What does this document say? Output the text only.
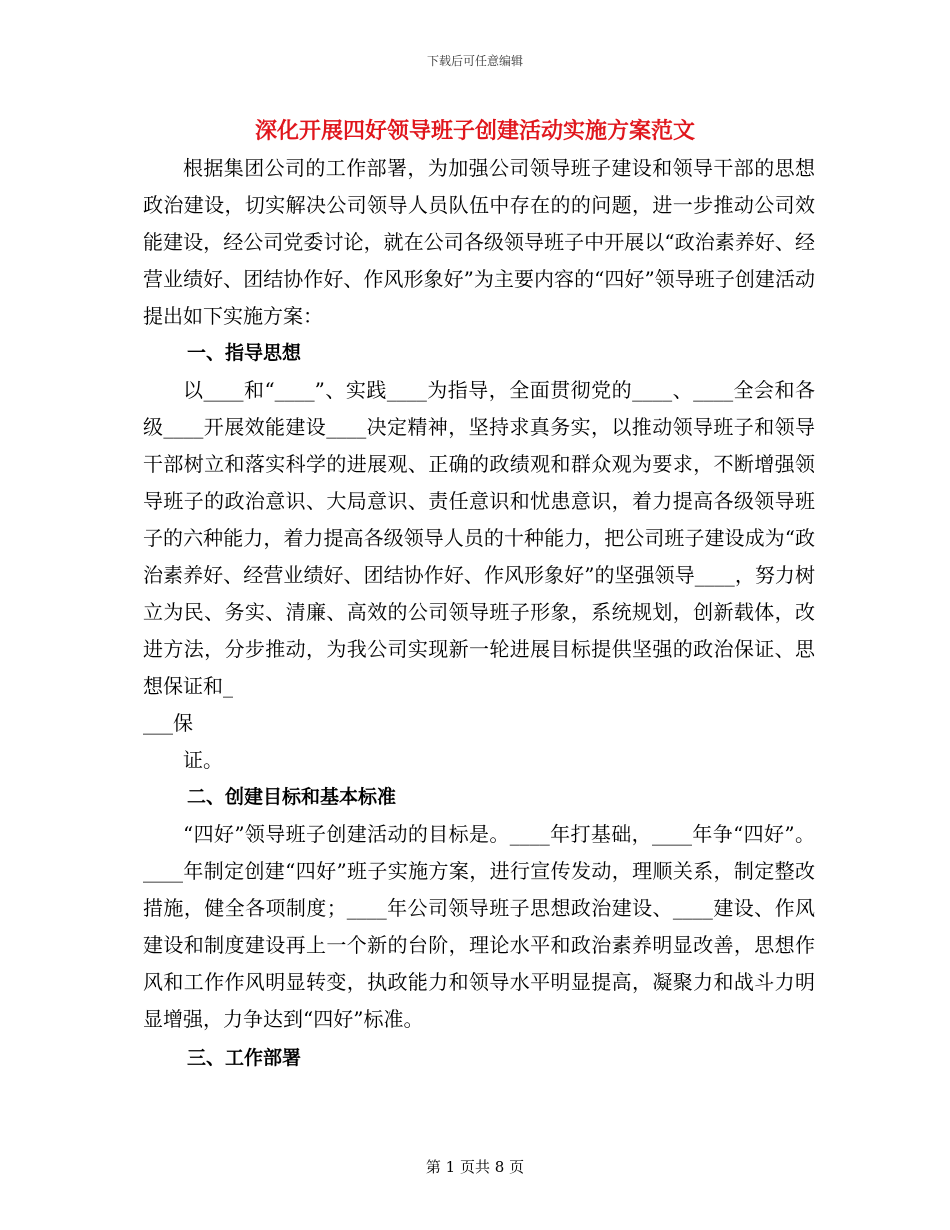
下载后可任意编辑
深化开展四好领导班子创建活动实施方案范文

根据集团公司的工作部署，为加强公司领导班子建设和领导干部的思想政治建设，切实解决公司领导人员队伍中存在的的问题，进一步推动公司效能建设，经公司党委讨论，就在公司各级领导班子中开展以“政治素养好、经营业绩好、团结协作好、作风形象好”为主要内容的“四好”领导班子创建活动提出如下实施方案：

一、指导思想

以____和“____”、实践____为指导，全面贯彻党的____、____全会和各级____开展效能建设____决定精神，坚持求真务实，以推动领导班子和领导干部树立和落实科学的进展观、正确的政绩观和群众观为要求，不断增强领导班子的政治意识、大局意识、责任意识和忧患意识，着力提高各级领导班子的六种能力，着力提高各级领导人员的十种能力，把公司班子建设成为“政治素养好、经营业绩好、团结协作好、作风形象好”的坚强领导____，努力树立为民、务实、清廉、高效的公司领导班子形象，系统规划，创新载体，改进方法，分步推动，为我公司实现新一轮进展目标提供坚强的政治保证、思想保证和_

___保

证。

二、创建目标和基本标准

“四好”领导班子创建活动的目标是。____年打基础，____年争“四好”。____年制定创建“四好”班子实施方案，进行宣传发动，理顺关系，制定整改措施，健全各项制度；____年公司领导班子思想政治建设、____建设、作风建设和制度建设再上一个新的台阶，理论水平和政治素养明显改善，思想作风和工作作风明显转变，执政能力和领导水平明显提高，凝聚力和战斗力明显增强，力争达到“四好”标准。

三、工作部署

第 1 页共 8 页
